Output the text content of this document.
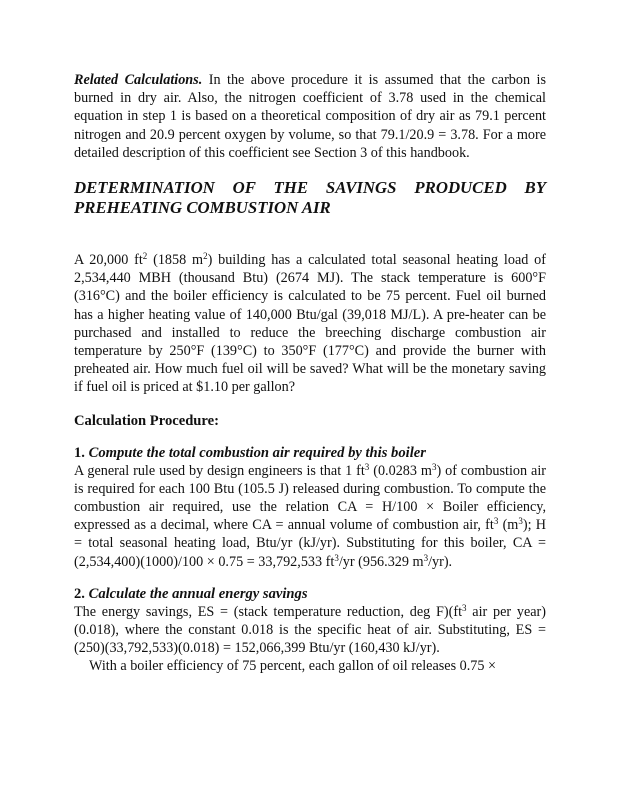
Related Calculations. In the above procedure it is assumed that the carbon is burned in dry air. Also, the nitrogen coefficient of 3.78 used in the chemical equation in step 1 is based on a theoretical composition of dry air as 79.1 percent nitrogen and 20.9 percent oxygen by volume, so that 79.1/20.9 = 3.78. For a more detailed description of this coefficient see Section 3 of this handbook.

DETERMINATION OF THE SAVINGS PRODUCED BY
PREHEATING COMBUSTION AIR

A 20,000 $ft^2$ (1858 $m^2$) building has a calculated total seasonal heating load of 2,534,440 MBH (thousand Btu) (2674 MJ). The stack temperature is 600°F (316°C) and the boiler efficiency is calculated to be 75 percent. Fuel oil burned has a higher heating value of 140,000 Btu/gal (39,018 MJ/L). A pre-heater can be purchased and installed to reduce the breeching discharge combustion air temperature by 250°F (139°C) to 350°F (177°C) and provide the burner with preheated air. How much fuel oil will be saved? What will be the monetary saving if fuel oil is priced at $1.10 per gallon?

Calculation Procedure:

1. Compute the total combustion air required by this boiler

A general rule used by design engineers is that 1 $ft^3$ (0.0283 $m^3$) of combustion air is required for each 100 Btu (105.5 J) released during combustion. To compute the combustion air required, use the relation CA = H/100 × Boiler efficiency, expressed as a decimal, where CA = annual volume of combustion air, $ft^3$ $(m^3)$; H = total seasonal heating load, Btu/yr (kJ/yr). Substituting for this boiler, CA = (2,534,400)(1000)/100 × 0.75 = 33,792,533 $ft^3/yr$ (956.329 $m^3/yr$).

2. Calculate the annual energy savings

The energy savings, ES = (stack temperature reduction, deg $F)(ft^3$ air per year)(0.018), where the constant 0.018 is the specific heat of air. Substituting, ES = (250)(33,792,533)(0.018) = 152,066,399 Btu/yr (160,430 kJ/yr).

With a boiler efficiency of 75 percent, each gallon of oil releases 0.75 ×
